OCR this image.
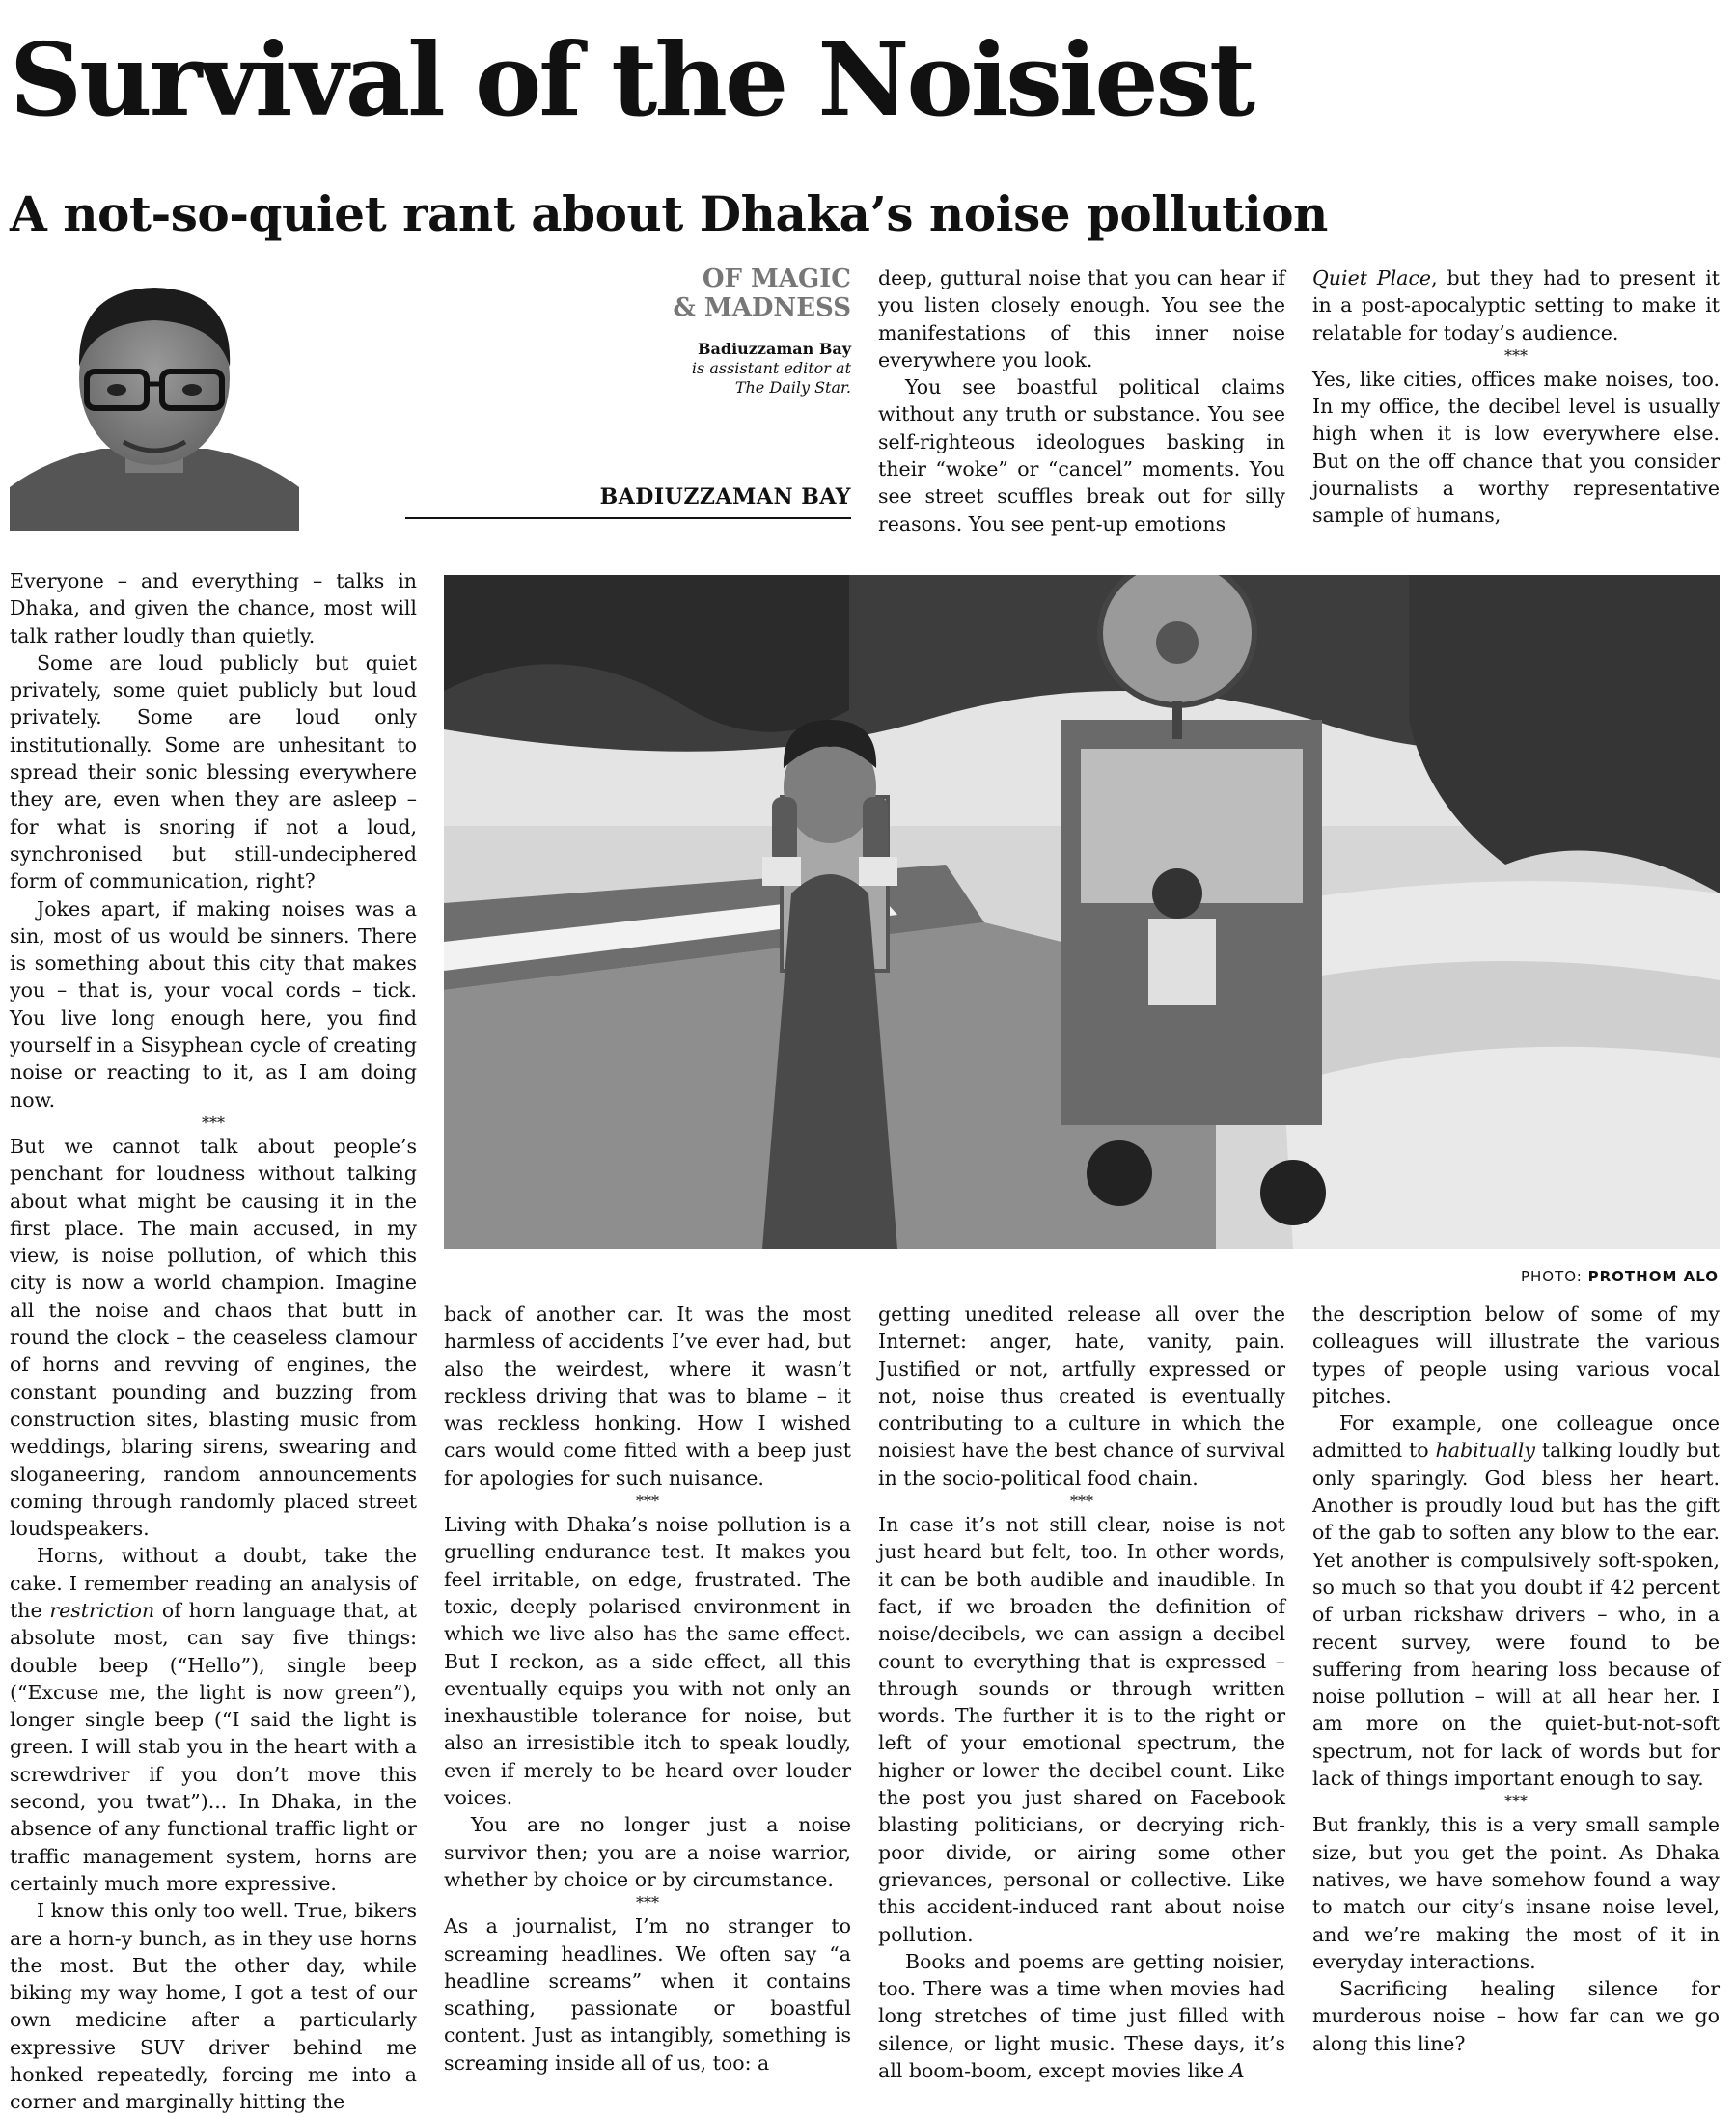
Survival of the Noisiest
A not-so-quiet rant about Dhaka’s noise pollution

OF MAGIC
& MADNESS

Badiuzzaman Bay
is assistant editor at
The Daily Star.
BADIUZZAMAN BAY

deep, guttural noise that you can hear if you listen closely enough. You see the manifestations of this inner noise everywhere you look.

You see boastful political claims without any truth or substance. You see self-righteous ideologues basking in their “woke” or “cancel” moments. You see street scuffles break out for silly reasons. You see pent-up emotions

Quiet Place, but they had to present it in a post-apocalyptic setting to make it relatable for today’s audience.

***

Yes, like cities, offices make noises, too. In my office, the decibel level is usually high when it is low everywhere else. But on the off chance that you consider journalists a worthy representative sample of humans,

Everyone – and everything – talks in Dhaka, and given the chance, most will talk rather loudly than quietly.

Some are loud publicly but quiet privately, some quiet publicly but loud privately. Some are loud only institutionally. Some are unhesitant to spread their sonic blessing everywhere they are, even when they are asleep – for what is snoring if not a loud, synchronised but still-undeciphered form of communication, right?

Jokes apart, if making noises was a sin, most of us would be sinners. There is something about this city that makes you – that is, your vocal cords – tick. You live long enough here, you find yourself in a Sisyphean cycle of creating noise or reacting to it, as I am doing now.

***

But we cannot talk about people’s penchant for loudness without talking about what might be causing it in the first place. The main accused, in my view, is noise pollution, of which this city is now a world champion. Imagine all the noise and chaos that butt in round the clock – the ceaseless clamour of horns and revving of engines, the constant pounding and buzzing from construction sites, blasting music from weddings, blaring sirens, swearing and sloganeering, random announcements coming through randomly placed street loudspeakers.

Horns, without a doubt, take the cake. I remember reading an analysis of the restriction of horn language that, at absolute most, can say five things: double beep (“Hello”), single beep (“Excuse me, the light is now green”), longer single beep (“I said the light is green. I will stab you in the heart with a screwdriver if you don’t move this second, you twat”)... In Dhaka, in the absence of any functional traffic light or traffic management system, horns are certainly much more expressive.

I know this only too well. True, bikers are a horn-y bunch, as in they use horns the most. But the other day, while biking my way home, I got a test of our own medicine after a particularly expressive SUV driver behind me honked repeatedly, forcing me into a corner and marginally hitting the

PHOTO: PROTHOM ALO

back of another car. It was the most harmless of accidents I’ve ever had, but also the weirdest, where it wasn’t reckless driving that was to blame – it was reckless honking. How I wished cars would come fitted with a beep just for apologies for such nuisance.

***

Living with Dhaka’s noise pollution is a gruelling endurance test. It makes you feel irritable, on edge, frustrated. The toxic, deeply polarised environment in which we live also has the same effect. But I reckon, as a side effect, all this eventually equips you with not only an inexhaustible tolerance for noise, but also an irresistible itch to speak loudly, even if merely to be heard over louder voices.

You are no longer just a noise survivor then; you are a noise warrior, whether by choice or by circumstance.

***

As a journalist, I’m no stranger to screaming headlines. We often say “a headline screams” when it contains scathing, passionate or boastful content. Just as intangibly, something is screaming inside all of us, too: a

getting unedited release all over the Internet: anger, hate, vanity, pain. Justified or not, artfully expressed or not, noise thus created is eventually contributing to a culture in which the noisiest have the best chance of survival in the socio-political food chain.

***

In case it’s not still clear, noise is not just heard but felt, too. In other words, it can be both audible and inaudible. In fact, if we broaden the definition of noise/decibels, we can assign a decibel count to everything that is expressed – through sounds or through written words. The further it is to the right or left of your emotional spectrum, the higher or lower the decibel count. Like the post you just shared on Facebook blasting politicians, or decrying rich-poor divide, or airing some other grievances, personal or collective. Like this accident-induced rant about noise pollution.

Books and poems are getting noisier, too. There was a time when movies had long stretches of time just filled with silence, or light music. These days, it’s all boom-boom, except movies like A

the description below of some of my colleagues will illustrate the various types of people using various vocal pitches.

For example, one colleague once admitted to habitually talking loudly but only sparingly. God bless her heart. Another is proudly loud but has the gift of the gab to soften any blow to the ear. Yet another is compulsively soft-spoken, so much so that you doubt if 42 percent of urban rickshaw drivers – who, in a recent survey, were found to be suffering from hearing loss because of noise pollution – will at all hear her. I am more on the quiet-but-not-soft spectrum, not for lack of words but for lack of things important enough to say.

***

But frankly, this is a very small sample size, but you get the point. As Dhaka natives, we have somehow found a way to match our city’s insane noise level, and we’re making the most of it in everyday interactions.

Sacrificing healing silence for murderous noise – how far can we go along this line?
